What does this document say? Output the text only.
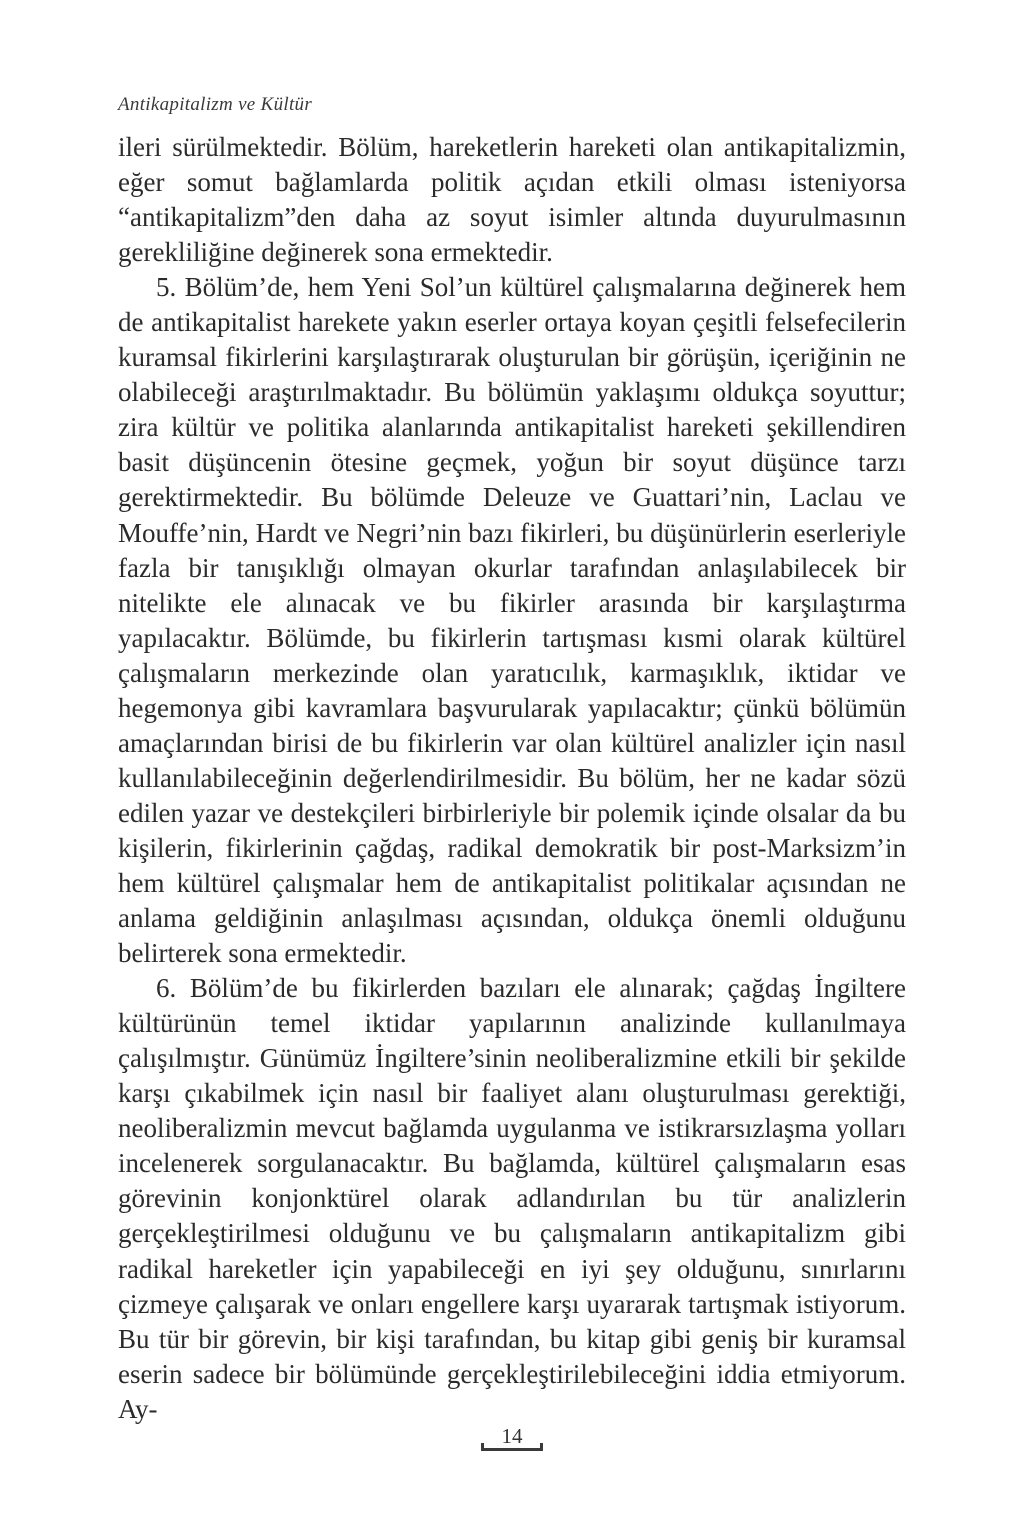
Antikapitalizm ve Kültür

ileri sürülmektedir. Bölüm, hareketlerin hareketi olan antikapitalizmin, eğer somut bağlamlarda politik açıdan etkili olması isteniyorsa “antikapitalizm”den daha az soyut isimler altında duyurulmasının gerekliliğine değinerek sona ermektedir.

5. Bölüm’de, hem Yeni Sol’un kültürel çalışmalarına değinerek hem de antikapitalist harekete yakın eserler ortaya koyan çeşitli felsefecilerin kuramsal fikirlerini karşılaştırarak oluşturulan bir görüşün, içeriğinin ne olabileceği araştırılmaktadır. Bu bölümün yaklaşımı oldukça soyuttur; zira kültür ve politika alanlarında antikapitalist hareketi şekillendiren basit düşüncenin ötesine geçmek, yoğun bir soyut düşünce tarzı gerektirmektedir. Bu bölümde Deleuze ve Guattari’nin, Laclau ve Mouffe’nin, Hardt ve Negri’nin bazı fikirleri, bu düşünürlerin eserleriyle fazla bir tanışıklığı olmayan okurlar tarafından anlaşılabilecek bir nitelikte ele alınacak ve bu fikirler arasında bir karşılaştırma yapılacaktır. Bölümde, bu fikirlerin tartışması kısmi olarak kültürel çalışmaların merkezinde olan yaratıcılık, karmaşıklık, iktidar ve hegemonya gibi kavramlara başvurularak yapılacaktır; çünkü bölümün amaçlarından birisi de bu fikirlerin var olan kültürel analizler için nasıl kullanılabileceğinin değerlendirilmesidir. Bu bölüm, her ne kadar sözü edilen yazar ve destekçileri birbirleriyle bir polemik içinde olsalar da bu kişilerin, fikirlerinin çağdaş, radikal demokratik bir post-Marksizm’in hem kültürel çalışmalar hem de antikapitalist politikalar açısından ne anlama geldiğinin anlaşılması açısından, oldukça önemli olduğunu belirterek sona ermektedir.

6. Bölüm’de bu fikirlerden bazıları ele alınarak; çağdaş İngiltere kültürünün temel iktidar yapılarının analizinde kullanılmaya çalışılmıştır. Günümüz İngiltere’sinin neoliberalizmine etkili bir şekilde karşı çıkabilmek için nasıl bir faaliyet alanı oluşturulması gerektiği, neoliberalizmin mevcut bağlamda uygulanma ve istikrarsızlaşma yolları incelenerek sorgulanacaktır. Bu bağlamda, kültürel çalışmaların esas görevinin konjonktürel olarak adlandırılan bu tür analizlerin gerçekleştirilmesi olduğunu ve bu çalışmaların antikapitalizm gibi radikal hareketler için yapabileceği en iyi şey olduğunu, sınırlarını çizmeye çalışarak ve onları engellere karşı uyararak tartışmak istiyorum. Bu tür bir görevin, bir kişi tarafından, bu kitap gibi geniş bir kuramsal eserin sadece bir bölümünde gerçekleştirilebileceğini iddia etmiyorum. Ay-

14
